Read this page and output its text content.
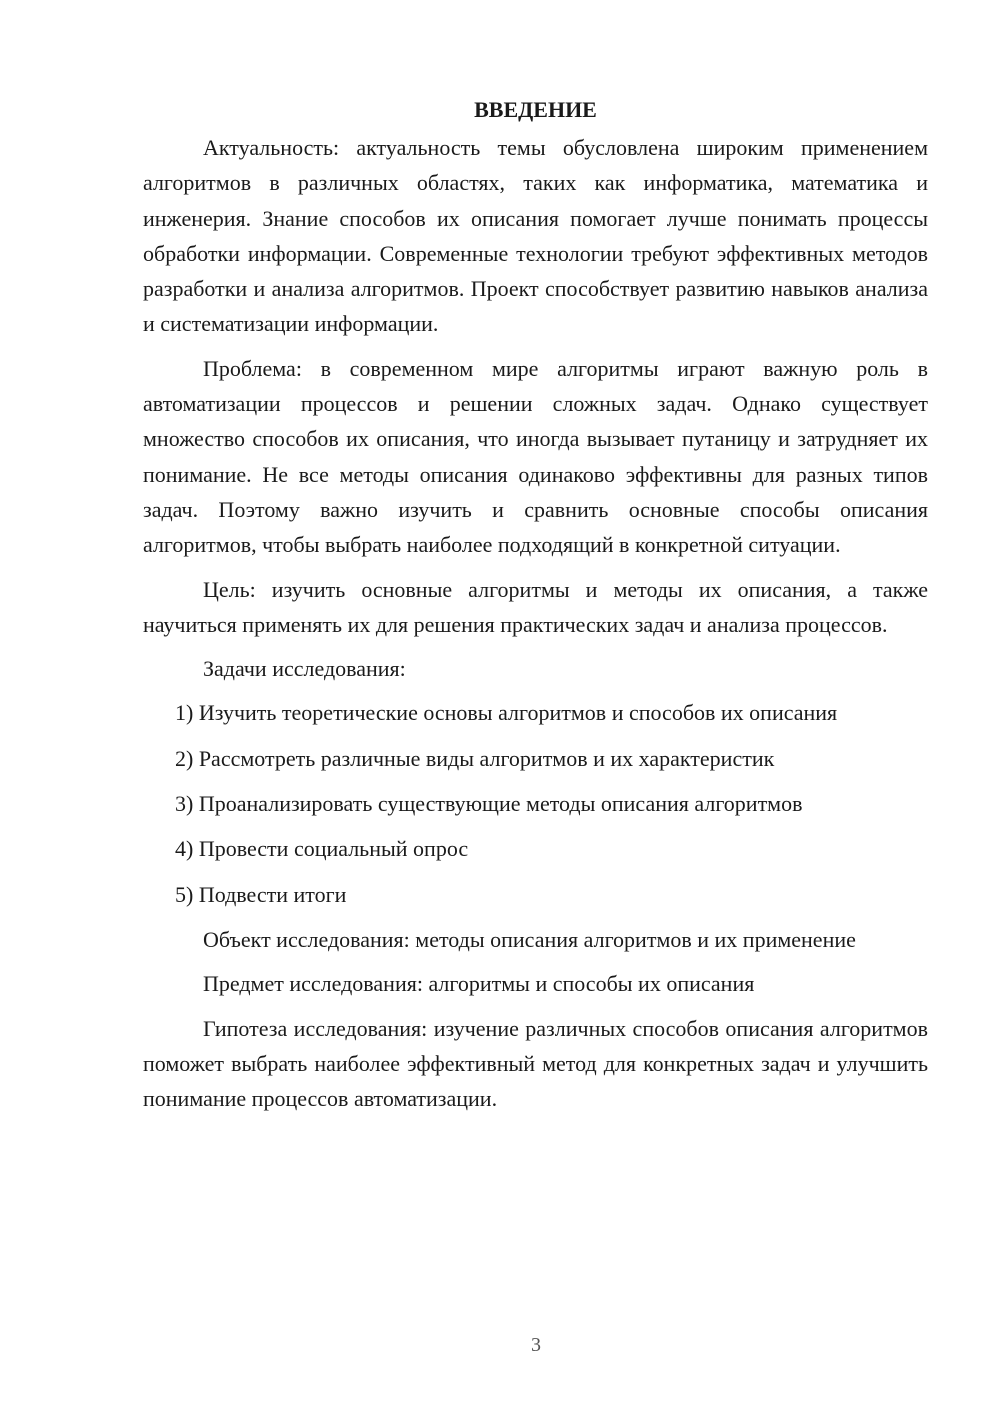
ВВЕДЕНИЕ

Актуальность: актуальность темы обусловлена широким применением алгоритмов в различных областях, таких как информатика, математика и инженерия. Знание способов их описания помогает лучше понимать процессы обработки информации. Современные технологии требуют эффективных методов разработки и анализа алгоритмов. Проект способствует развитию навыков анализа и систематизации информации.

Проблема: в современном мире алгоритмы играют важную роль в автоматизации процессов и решении сложных задач. Однако существует множество способов их описания, что иногда вызывает путаницу и затрудняет их понимание. Не все методы описания одинаково эффективны для разных типов задач. Поэтому важно изучить и сравнить основные способы описания алгоритмов, чтобы выбрать наиболее подходящий в конкретной ситуации.

Цель: изучить основные алгоритмы и методы их описания, а также научиться применять их для решения практических задач и анализа процессов.

Задачи исследования:

1) Изучить теоретические основы алгоритмов и способов их описания
2) Рассмотреть различные виды алгоритмов и их характеристик
3) Проанализировать существующие методы описания алгоритмов
4) Провести социальный опрос
5) Подвести итоги

Объект исследования: методы описания алгоритмов и их применение

Предмет исследования: алгоритмы и способы их описания

Гипотеза исследования: изучение различных способов описания алгоритмов поможет выбрать наиболее эффективный метод для конкретных задач и улучшить понимание процессов автоматизации.

3
